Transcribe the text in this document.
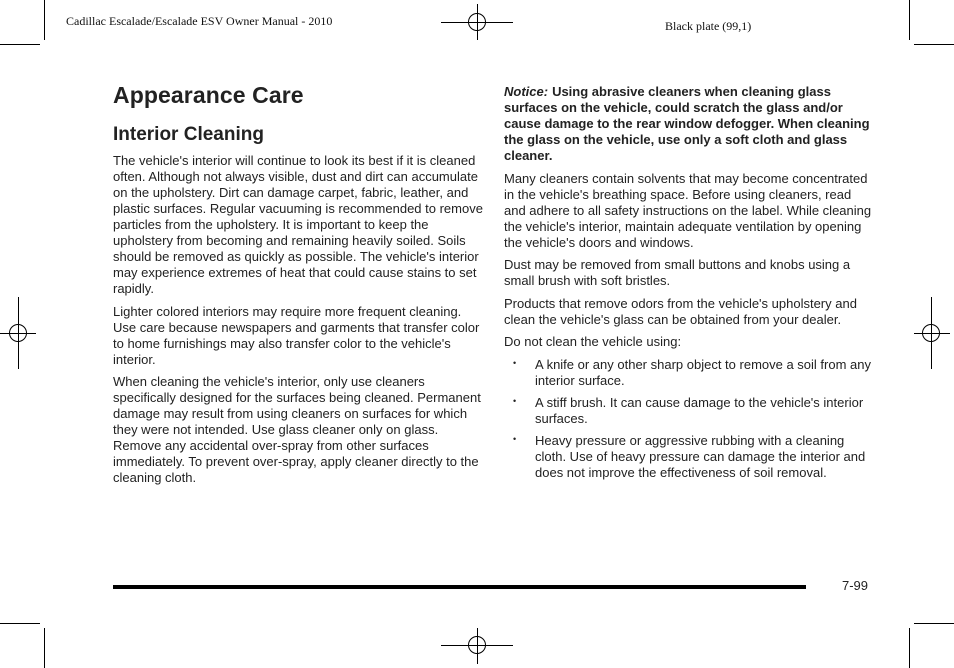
Cadillac Escalade/Escalade ESV Owner Manual - 2010	Black plate (99,1)
Appearance Care
Interior Cleaning

The vehicle's interior will continue to look its best if it is cleaned often. Although not always visible, dust and dirt can accumulate on the upholstery. Dirt can damage carpet, fabric, leather, and plastic surfaces. Regular vacuuming is recommended to remove particles from the upholstery. It is important to keep the upholstery from becoming and remaining heavily soiled. Soils should be removed as quickly as possible. The vehicle's interior may experience extremes of heat that could cause stains to set rapidly.

Lighter colored interiors may require more frequent cleaning. Use care because newspapers and garments that transfer color to home furnishings may also transfer color to the vehicle's interior.

When cleaning the vehicle's interior, only use cleaners specifically designed for the surfaces being cleaned. Permanent damage may result from using cleaners on surfaces for which they were not intended. Use glass cleaner only on glass. Remove any accidental over-spray from other surfaces immediately. To prevent over-spray, apply cleaner directly to the cleaning cloth.

Notice: Using abrasive cleaners when cleaning glass surfaces on the vehicle, could scratch the glass and/or cause damage to the rear window defogger. When cleaning the glass on the vehicle, use only a soft cloth and glass cleaner.

Many cleaners contain solvents that may become concentrated in the vehicle's breathing space. Before using cleaners, read and adhere to all safety instructions on the label. While cleaning the vehicle's interior, maintain adequate ventilation by opening the vehicle's doors and windows.

Dust may be removed from small buttons and knobs using a small brush with soft bristles.

Products that remove odors from the vehicle's upholstery and clean the vehicle's glass can be obtained from your dealer.

Do not clean the vehicle using:

• A knife or any other sharp object to remove a soil from any interior surface.
• A stiff brush. It can cause damage to the vehicle's interior surfaces.
• Heavy pressure or aggressive rubbing with a cleaning cloth. Use of heavy pressure can damage the interior and does not improve the effectiveness of soil removal.
7-99
